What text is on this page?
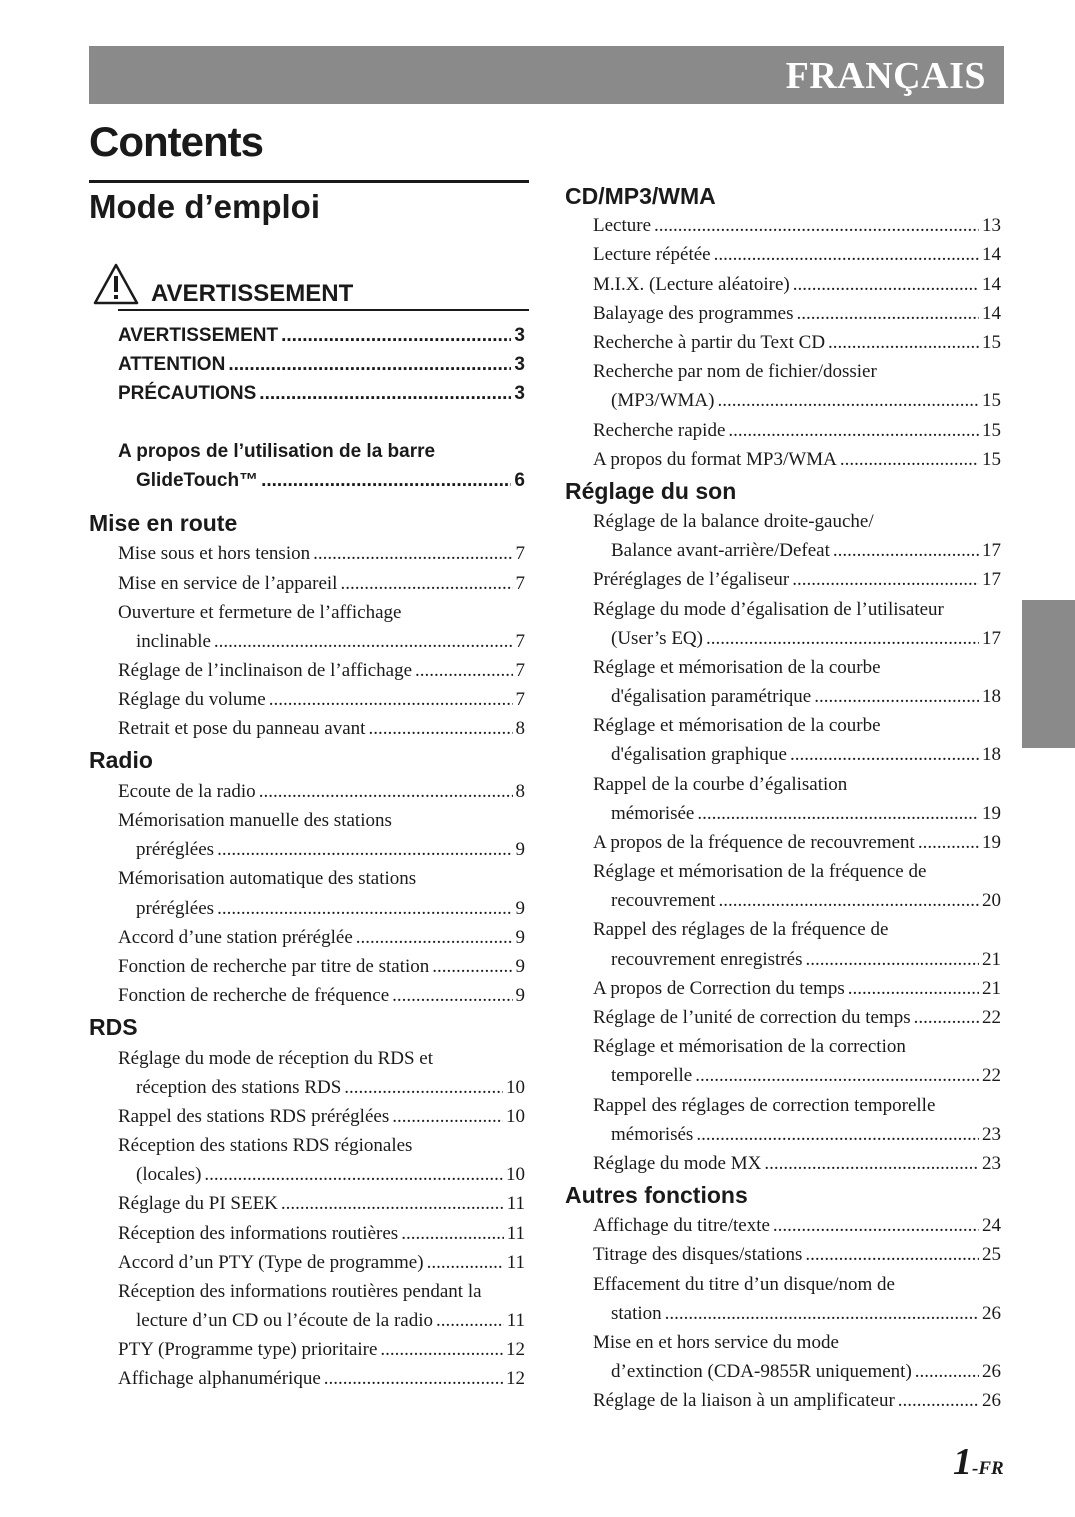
FRANÇAIS
Contents
Mode d’emploi
AVERTISSEMENT
AVERTISSEMENT .....	3
ATTENTION .....	3
PRÉCAUTIONS .....	3
A propos de l’utilisation de la barre
GlideTouch™ .....	6
Mise en route
Mise sous et hors tension .....	7
Mise en service de l’appareil .....	7
Ouverture et fermeture de l’affichage
inclinable .....	7
Réglage de l’inclinaison de l’affichage .....	7
Réglage du volume .....	7
Retrait et pose du panneau avant .....	8
Radio
Ecoute de la radio .....	8
Mémorisation manuelle des stations
préréglées .....	9
Mémorisation automatique des stations
préréglées .....	9
Accord d’une station préréglée .....	9
Fonction de recherche par titre de station .....	9
Fonction de recherche de fréquence .....	9
RDS
Réglage du mode de réception du RDS et
réception des stations RDS .....	10
Rappel des stations RDS préréglées .....	10
Réception des stations RDS régionales
(locales) .....	10
Réglage du PI SEEK .....	11
Réception des informations routières .....	11
Accord d’un PTY (Type de programme) .....	11
Réception des informations routières pendant la
lecture d’un CD ou l’écoute de la radio .....	11
PTY (Programme type) prioritaire .....	12
Affichage alphanumérique .....	12
CD/MP3/WMA
Lecture .....	13
Lecture répétée .....	14
M.I.X. (Lecture aléatoire) .....	14
Balayage des programmes .....	14
Recherche à partir du Text CD .....	15
Recherche par nom de fichier/dossier
(MP3/WMA) .....	15
Recherche rapide .....	15
A propos du format MP3/WMA .....	15
Réglage du son
Réglage de la balance droite-gauche/
Balance avant-arrière/Defeat .....	17
Préréglages de l’égaliseur .....	17
Réglage du mode d’égalisation de l’utilisateur
(User’s EQ) .....	17
Réglage et mémorisation de la courbe
d'égalisation paramétrique .....	18
Réglage et mémorisation de la courbe
d'égalisation graphique .....	18
Rappel de la courbe d’égalisation
mémorisée .....	19
A propos de la fréquence de recouvrement .....	19
Réglage et mémorisation de la fréquence de
recouvrement .....	20
Rappel des réglages de la fréquence de
recouvrement enregistrés .....	21
A propos de Correction du temps .....	21
Réglage de l’unité de correction du temps .....	22
Réglage et mémorisation de la correction
temporelle .....	22
Rappel des réglages de correction temporelle
mémorisés .....	23
Réglage du mode MX .....	23
Autres fonctions
Affichage du titre/texte .....	24
Titrage des disques/stations .....	25
Effacement du titre d’un disque/nom de
station .....	26
Mise en et hors service du mode
d’extinction (CDA-9855R uniquement) .....	26
Réglage de la liaison à un amplificateur .....	26
1-FR
